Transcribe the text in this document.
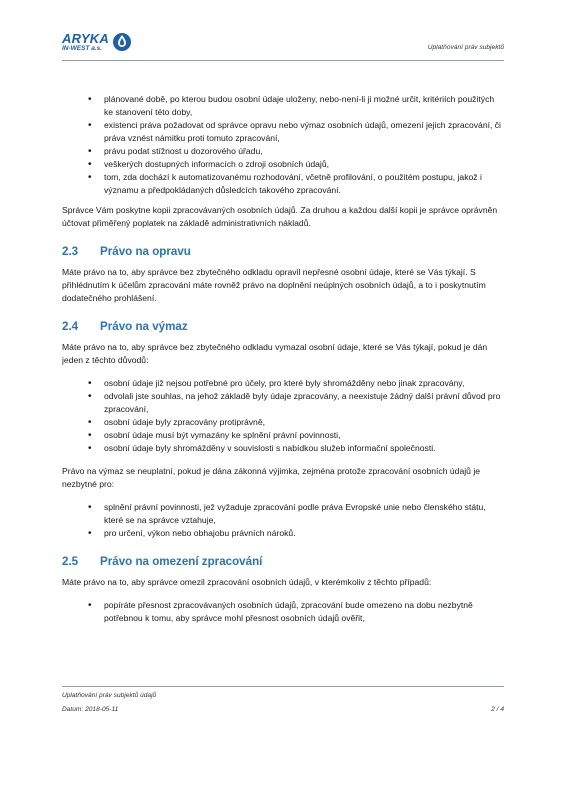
ARYKA
IN-WEST a.s.	Uplatňování práv subjektů
• plánované době, po kterou budou osobní údaje uloženy, nebo-není-li ji možné určit, kritériích použitých ke stanovení této doby,
• existenci práva požadovat od správce opravu nebo výmaz osobních údajů, omezení jejich zpracování, či práva vznést námitku proti tomuto zpracování,
• právu podat stížnost u dozorového úřadu,
• veškerých dostupných informacích o zdroji osobních údajů,
• tom, zda dochází k automatizovanému rozhodování, včetně profilování, o použitém postupu, jakož i významu a předpokládaných důsledcích takového zpracování.

Správce Vám poskytne kopii zpracovávaných osobních údajů. Za druhou a každou další kopii je správce oprávněn účtovat přiměřený poplatek na základě administrativních nákladů.

2.3	Právo na opravu

Máte právo na to, aby správce bez zbytečného odkladu opravil nepřesné osobní údaje, které se Vás týkají. S přihlédnutím k účelům zpracování máte rovněž právo na doplnění neúplných osobních údajů, a to i poskytnutím dodatečného prohlášení.

2.4	Právo na výmaz

Máte právo na to, aby správce bez zbytečného odkladu vymazal osobní údaje, které se Vás týkají, pokud je dán jeden z těchto důvodů:

• osobní údaje již nejsou potřebné pro účely, pro které byly shromážděny nebo jinak zpracovány,
• odvolali jste souhlas, na jehož základě byly údaje zpracovány, a neexistuje žádný další právní důvod pro zpracování,
• osobní údaje byly zpracovány protiprávně,
• osobní údaje musí být vymazány ke splnění právní povinnosti,
• osobní údaje byly shromážděny v souvislosti s nabídkou služeb informační společnosti.

Právo na výmaz se neuplatní, pokud je dána zákonná výjimka, zejména protože zpracování osobních údajů je nezbytné pro:

• splnění právní povinnosti, jež vyžaduje zpracování podle práva Evropské unie nebo členského státu, které se na správce vztahuje,
• pro určení, výkon nebo obhajobu právních nároků.
2.5	Právo na omezení zpracování

Máte právo na to, aby správce omezil zpracování osobních údajů, v kterémkoliv z těchto případů:

• popíráte přesnost zpracovávaných osobních údajů, zpracování bude omezeno na dobu nezbytně potřebnou k tomu, aby správce mohl přesnost osobních údajů ověřit,
Uplatňování práv subjektů údajů
Datum: 2018-05-11	2 / 4
